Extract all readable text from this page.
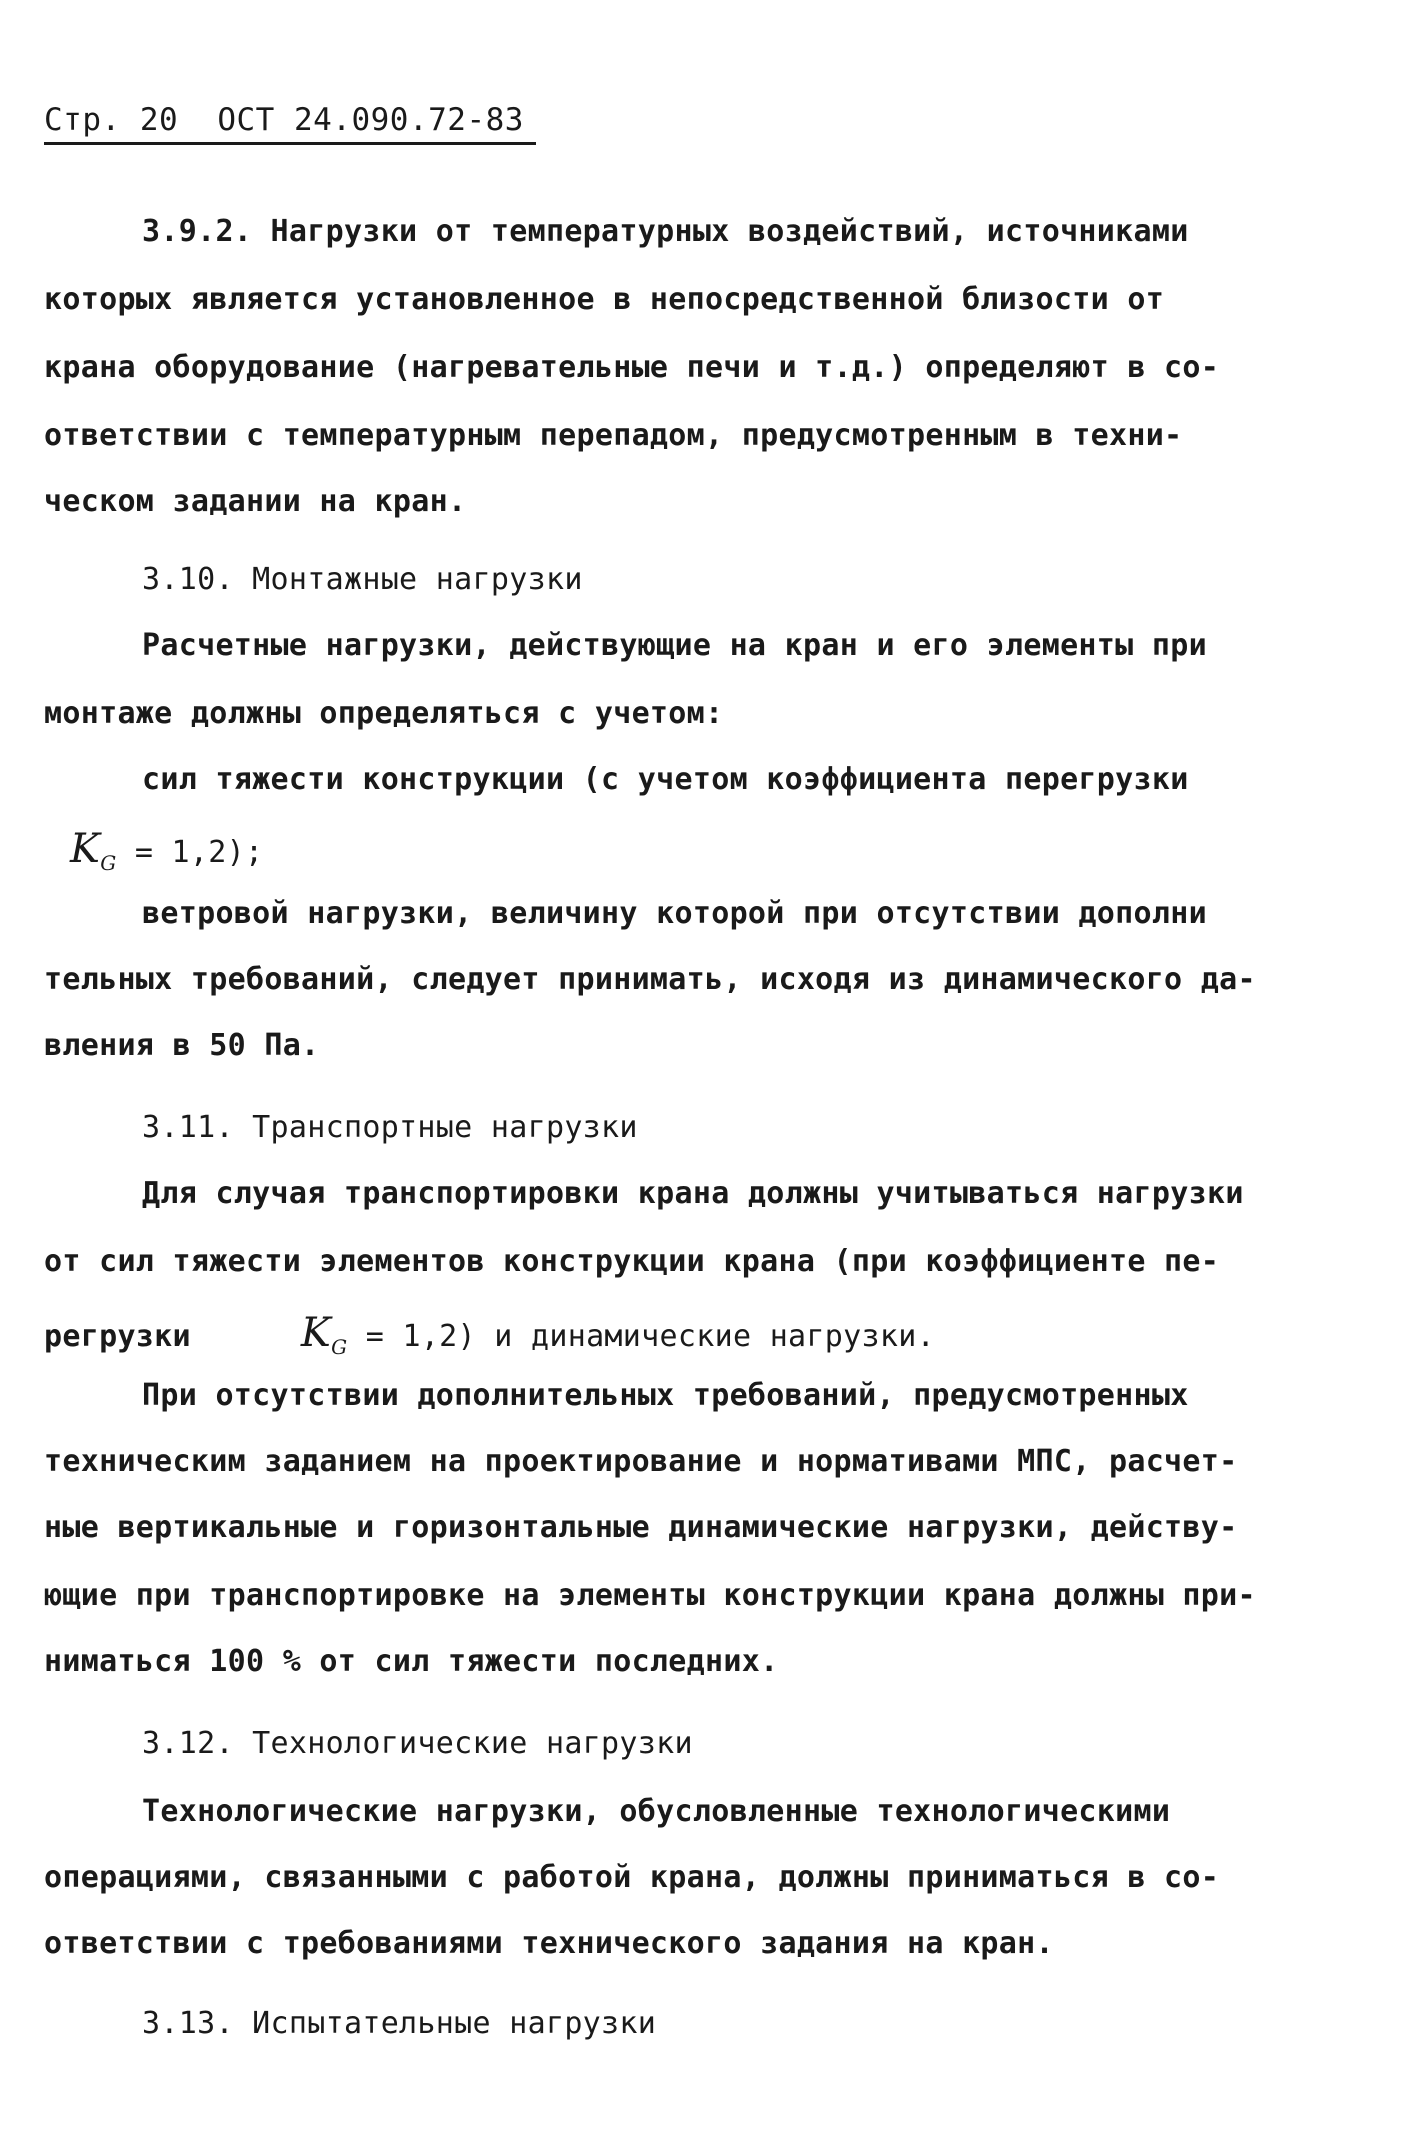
Стр. 20 ОСТ 24.090.72-83
3.9.2. Нагрузки от температурных воздействий, источниками
которых является установленное в непосредственной близости от
крана оборудование (нагревательные печи и т.д.) определяют в со-
ответствии с температурным перепадом, предусмотренным в техни-
ческом задании на кран.
3.10. Монтажные нагрузки
Расчетные нагрузки, действующие на кран и его элементы при
монтаже должны определяться с учетом:
сил тяжести конструкции (с учетом коэффициента перегрузки
$K_G = 1,2$);
ветровой нагрузки, величину которой при отсутствии дополни
тельных требований, следует принимать, исходя из динамического да-
вления в 50 Па.
3.11. Транспортные нагрузки
Для случая транспортировки крана должны учитываться нагрузки
от сил тяжести элементов конструкции крана (при коэффициенте пе-
регрузки	$K_G = 1,2$) и динамические нагрузки.
При отсутствии дополнительных требований, предусмотренных
техническим заданием на проектирование и нормативами МПС, расчет-
ные вертикальные и горизонтальные динамические нагрузки, действу-
ющие при транспортировке на элементы конструкции крана должны при-
ниматься 100 % от сил тяжести последних.
3.12. Технологические нагрузки
Технологические нагрузки, обусловленные технологическими
операциями, связанными с работой крана, должны приниматься в со-
ответствии с требованиями технического задания на кран.
3.13. Испытательные нагрузки
